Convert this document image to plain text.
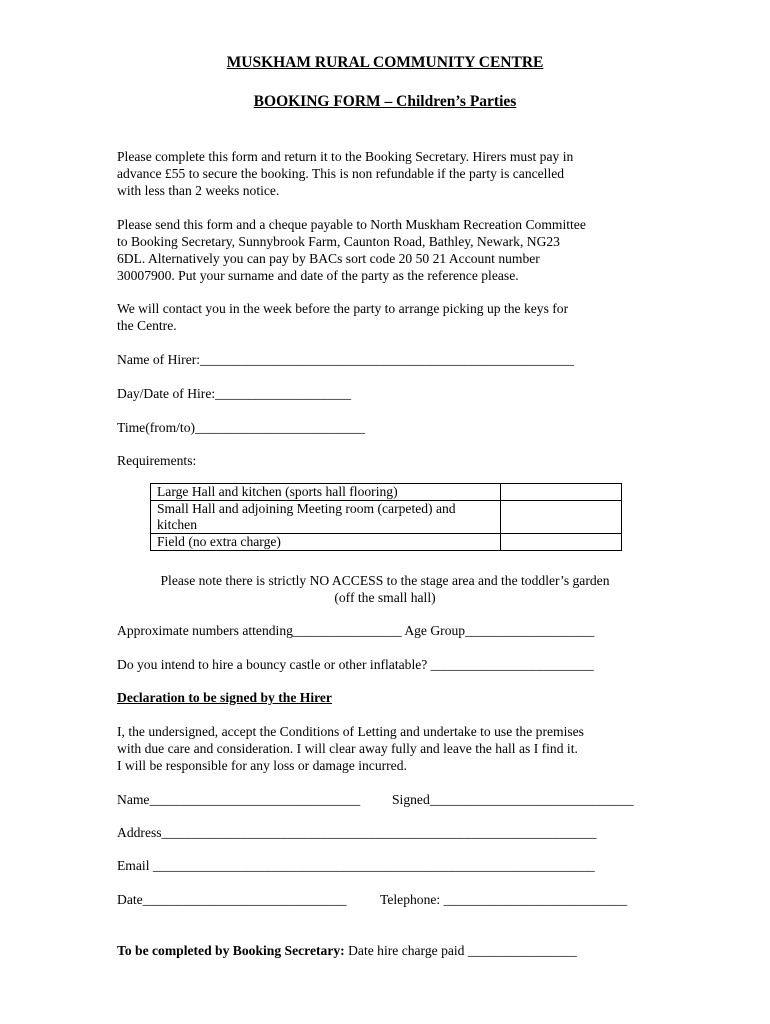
MUSKHAM RURAL COMMUNITY CENTRE
BOOKING FORM – Children’s Parties
Please complete this form and return it to the Booking Secretary. Hirers must pay in
advance £55 to secure the booking. This is non refundable if the party is cancelled
with less than 2 weeks notice.
Please send this form and a cheque payable to North Muskham Recreation Committee
to Booking Secretary, Sunnybrook Farm, Caunton Road, Bathley, Newark, NG23
6DL. Alternatively you can pay by BACs sort code 20 50 21 Account number
30007900. Put your surname and date of the party as the reference please.
We will contact you in the week before the party to arrange picking up the keys for
the Centre.
Name of Hirer:_______________________________________________________
Day/Date of Hire:____________________
Time(from/to)_________________________
Requirements:
Large Hall and kitchen (sports hall flooring)	
Small Hall and adjoining Meeting room (carpeted) and kitchen	
Field (no extra charge)	
Please note there is strictly NO ACCESS to the stage area and the toddler’s garden
(off the small hall)
Approximate numbers attending________________ Age Group___________________
Do you intend to hire a bouncy castle or other inflatable? ________________________
Declaration to be signed by the Hirer
I, the undersigned, accept the Conditions of Letting and undertake to use the premises
with due care and consideration. I will clear away fully and leave the hall as I find it.
I will be responsible for any loss or damage incurred.
Name_______________________________ Signed______________________________
Address________________________________________________________________
Email _________________________________________________________________
Date______________________________ Telephone: ___________________________
To be completed by Booking Secretary: Date hire charge paid ________________
